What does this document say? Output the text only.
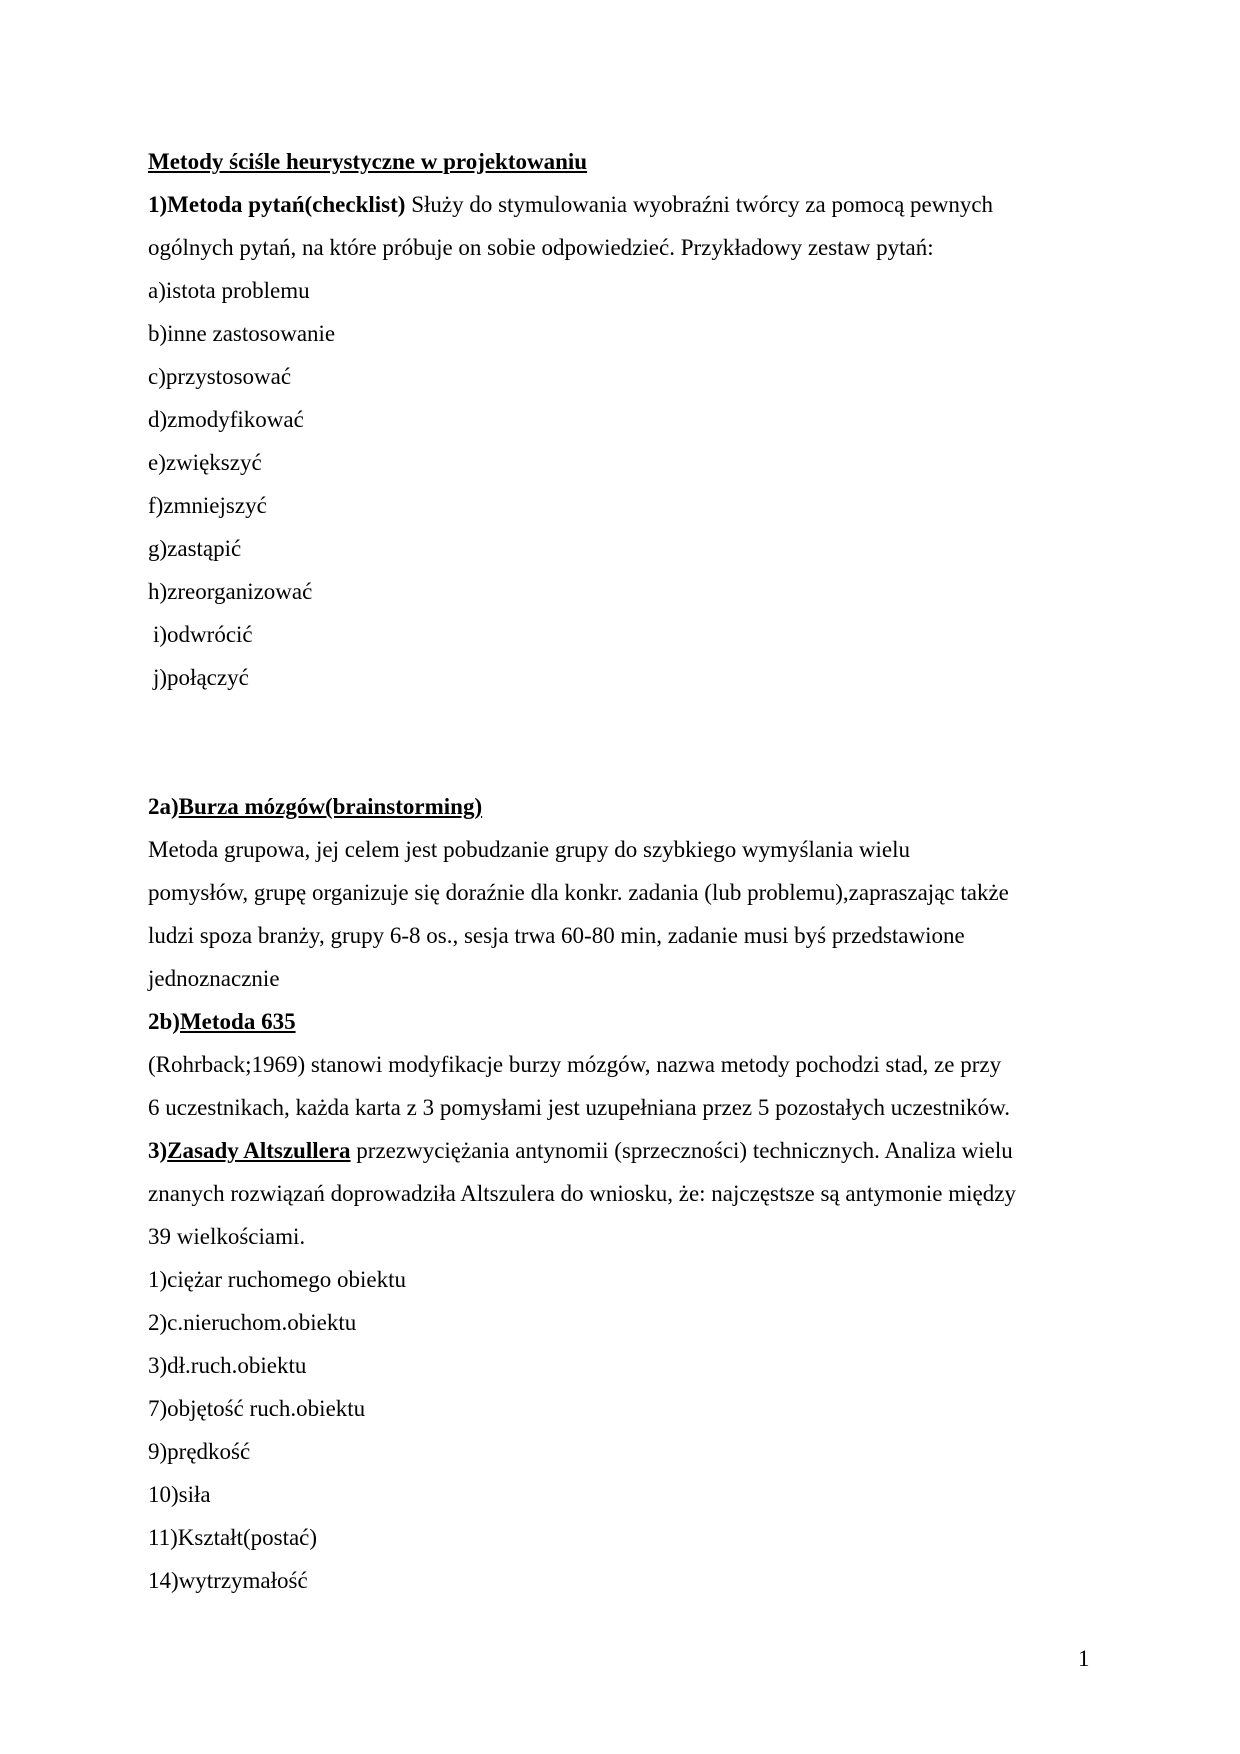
Metody ściśle heurystyczne w projektowaniu
1)Metoda pytań(checklist) Służy do stymulowania wyobraźni twórcy za pomocą pewnych
ogólnych pytań, na które próbuje on sobie odpowiedzieć. Przykładowy zestaw pytań:
a)istota problemu
b)inne zastosowanie
c)przystosować
d)zmodyfikować
e)zwiększyć
f)zmniejszyć
g)zastąpić
h)zreorganizować
i)odwrócić
j)połączyć
2a)Burza mózgów(brainstorming)
Metoda grupowa, jej celem jest pobudzanie grupy do szybkiego wymyślania wielu
pomysłów, grupę organizuje się doraźnie dla konkr. zadania (lub problemu),zapraszając także
ludzi spoza branży, grupy 6-8 os., sesja trwa 60-80 min, zadanie musi byś przedstawione
jednoznacznie
2b)Metoda 635
(Rohrback;1969) stanowi modyfikacje burzy mózgów, nazwa metody pochodzi stad, ze przy
6 uczestnikach, każda karta z 3 pomysłami jest uzupełniana przez 5 pozostałych uczestników.
3)Zasady Altszullera przezwyciężania antynomii (sprzeczności) technicznych. Analiza wielu
znanych rozwiązań doprowadziła Altszulera do wniosku, że: najczęstsze są antymonie między
39 wielkościami.
1)ciężar ruchomego obiektu
2)c.nieruchom.obiektu
3)dł.ruch.obiektu
7)objętość ruch.obiektu
9)prędkość
10)siła
11)Kształt(postać)
14)wytrzymałość
1
